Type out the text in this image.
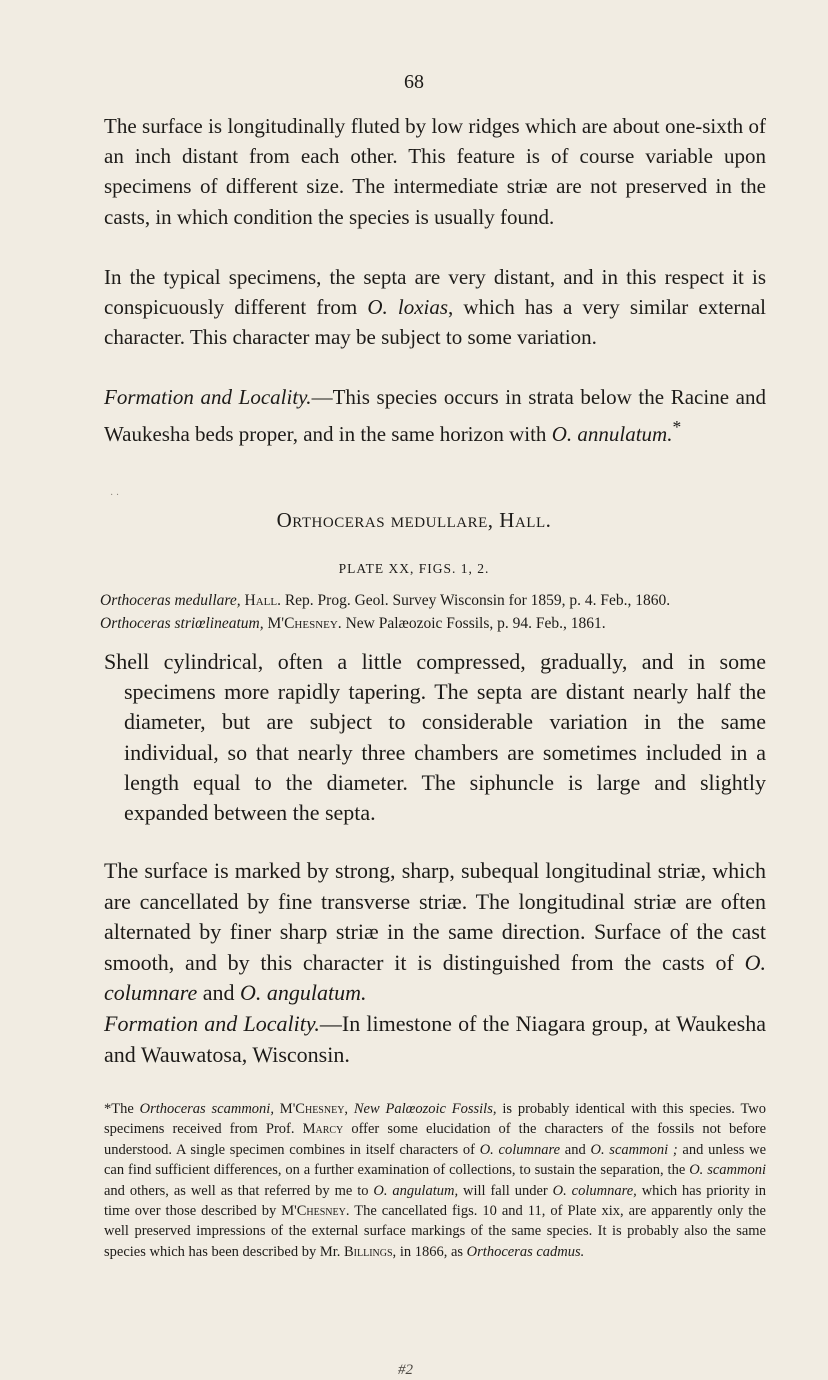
68

The surface is longitudinally fluted by low ridges which are about one-sixth of an inch distant from each other. This feature is of course variable upon specimens of different size. The intermediate striæ are not preserved in the casts, in which condition the species is usually found.

In the typical specimens, the septa are very distant, and in this respect it is conspicuously different from O. loxias, which has a very similar external character. This character may be subject to some variation.

Formation and Locality.—This species occurs in strata below the Racine and Waukesha beds proper, and in the same horizon with O. annulatum.*

· ·
Orthoceras medullare, Hall.
PLATE XX, FIGS. 1, 2.

Orthoceras medullare, Hall. Rep. Prog. Geol. Survey Wisconsin for 1859, p. 4. Feb., 1860.

Orthoceras striœlineatum, M'Chesney. New Palæozoic Fossils, p. 94. Feb., 1861.

Shell cylindrical, often a little compressed, gradually, and in some specimens more rapidly tapering. The septa are distant nearly half the diameter, but are subject to considerable variation in the same individual, so that nearly three chambers are sometimes included in a length equal to the diameter. The siphuncle is large and slightly expanded between the septa.

The surface is marked by strong, sharp, subequal longitudinal striæ, which are cancellated by fine transverse striæ. The longitudinal striæ are often alternated by finer sharp striæ in the same direction. Surface of the cast smooth, and by this character it is distinguished from the casts of O. columnare and O. angulatum.

Formation and Locality.—In limestone of the Niagara group, at Waukesha and Wauwatosa, Wisconsin.

*The Orthoceras scammoni, M'Chesney, New Palœozoic Fossils, is probably identical with this species. Two specimens received from Prof. Marcy offer some elucidation of the characters of the fossils not before understood. A single specimen combines in itself characters of O. columnare and O. scammoni ; and unless we can find sufficient differences, on a further examination of collections, to sustain the separation, the O. scammoni and others, as well as that referred by me to O. angulatum, will fall under O. columnare, which has priority in time over those described by M'Chesney. The cancellated figs. 10 and 11, of Plate xix, are apparently only the well preserved impressions of the external surface markings of the same species. It is probably also the same species which has been described by Mr. Billings, in 1866, as Orthoceras cadmus.

#2
